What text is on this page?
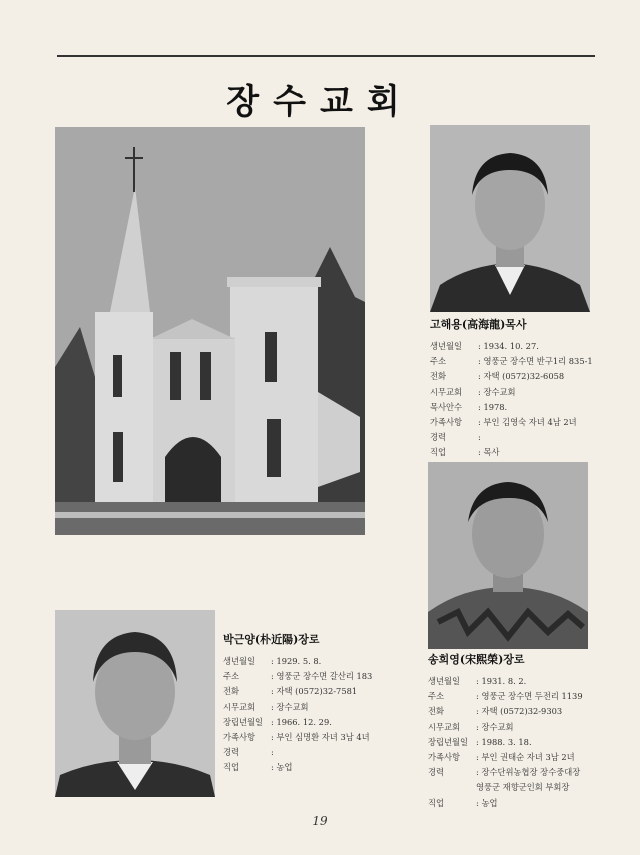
장수교회
고해용(高海龍)목사
생년월일	: 1934. 10. 27.
주소	: 영풍군 장수면 반구1리 835-1
전화	: 자택 (0572)32-6058
시무교회	: 장수교회
목사안수	: 1978.
가족사항	: 부인 김영숙 자녀 4남 2녀
경력	:
직업	: 목사
송희영(宋熙榮)장로
생년월일	: 1931. 8. 2.
주소	: 영풍군 장수면 두전리 1139
전화	: 자택 (0572)32-9303
시무교회	: 장수교회
장립년월일 : 1988. 3. 18.
가족사항	: 부인 권태순 자녀 3남 2녀
경력	: 장수단위농협장 장수중대장
영풍군 재향군인회 부회장
직업	: 농업
박근양(朴近陽)장로
생년월일	: 1929. 5. 8.
주소	: 영풍군 장수면 갈산리 183
전화	: 자택 (0572)32-7581
시무교회	: 장수교회
장립년월일 : 1966. 12. 29.
가족사항	: 부인 심명환 자녀 3남 4녀
경력	:
직업	: 농업
19
